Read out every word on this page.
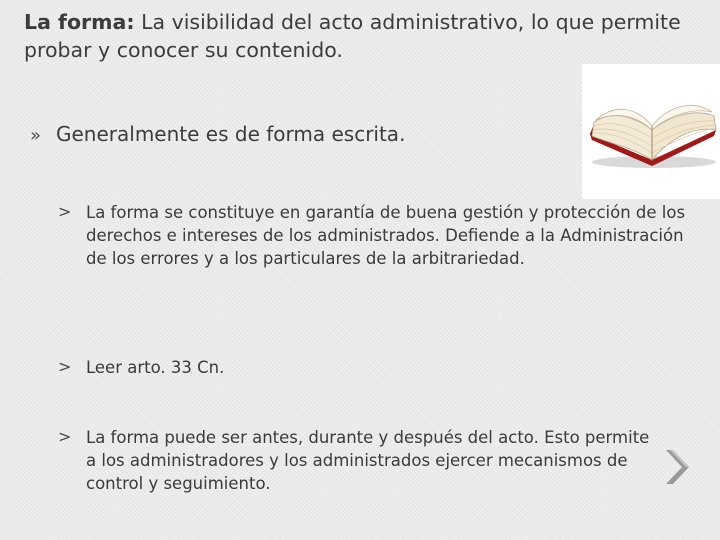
La forma: La visibilidad del acto administrativo, lo que permite probar y conocer su contenido.
» Generalmente es de forma escrita.
> La forma se constituye en garantía de buena gestión y protección de los derechos e intereses de los administrados. Defiende a la Administración de los errores y a los particulares de la arbitrariedad.
> Leer arto. 33 Cn.
> La forma puede ser antes, durante y después del acto. Esto permite a los administradores y los administrados ejercer mecanismos de control y seguimiento.
